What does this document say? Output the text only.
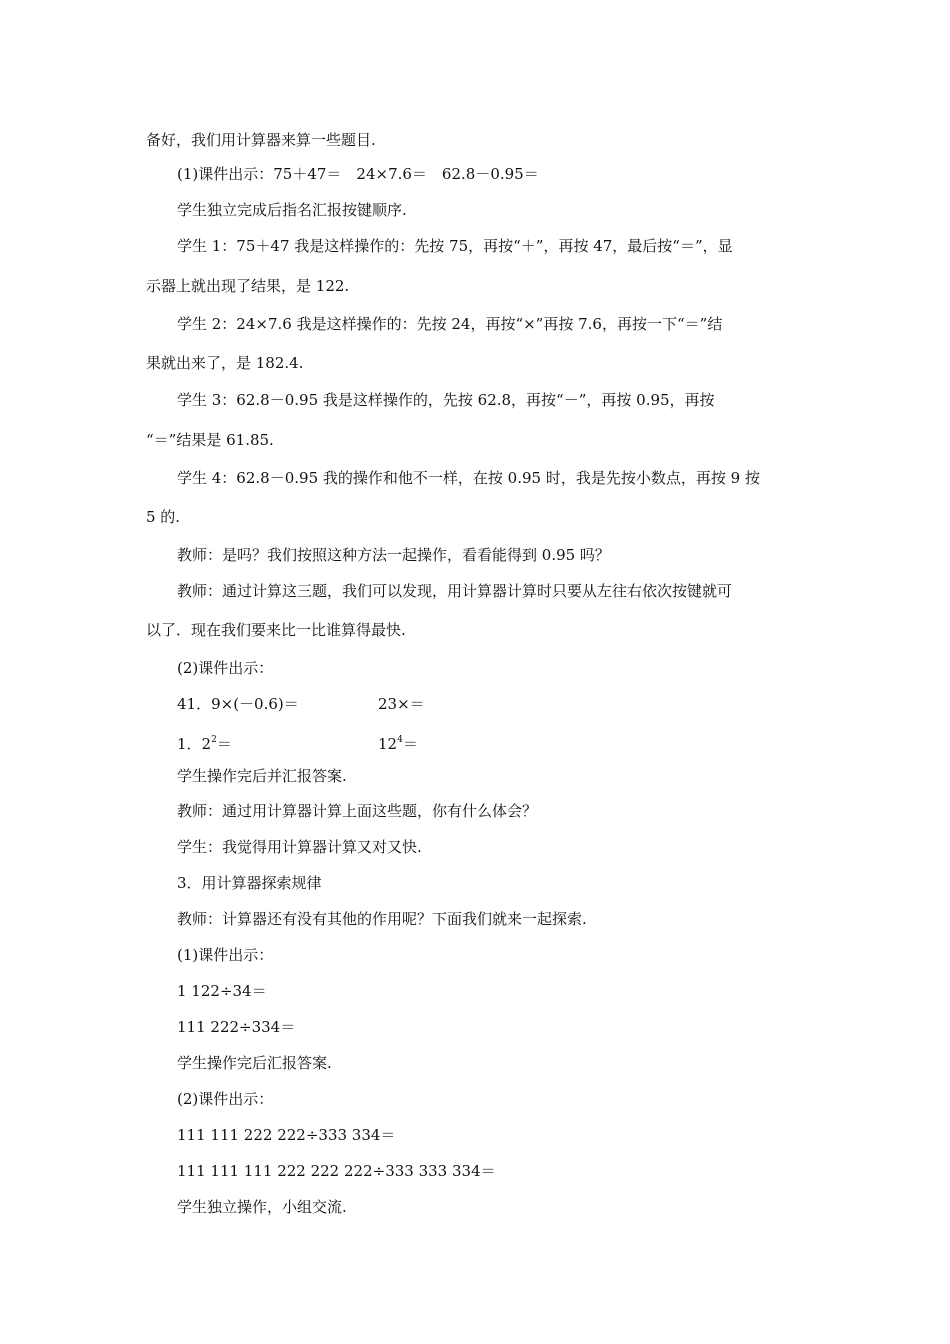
备好，我们用计算器来算一些题目.
(1)课件出示：75＋47＝　24×7.6＝　62.8－0.95＝
学生独立完成后指名汇报按键顺序.
学生 1：75＋47 我是这样操作的：先按 75，再按“＋”，再按 47，最后按“＝”，显
示器上就出现了结果，是 122.
学生 2：24×7.6 我是这样操作的：先按 24，再按“×”再按 7.6，再按一下“＝”结
果就出来了，是 182.4.
学生 3：62.8－0.95 我是这样操作的，先按 62.8，再按“－”，再按 0.95，再按
“＝”结果是 61.85.
学生 4：62.8－0.95 我的操作和他不一样，在按 0.95 时，我是先按小数点，再按 9 按
5 的.
教师：是吗？我们按照这种方法一起操作，看看能得到 0.95 吗？
教师：通过计算这三题，我们可以发现，用计算器计算时只要从左往右依次按键就可
以了．现在我们要来比一比谁算得最快.
(2)课件出示：
41．9×(－0.6)＝	23×＝
1．$2^2=$	$12^4=$
学生操作完后并汇报答案.
教师：通过用计算器计算上面这些题，你有什么体会？
学生：我觉得用计算器计算又对又快.
3．用计算器探索规律
教师：计算器还有没有其他的作用呢？下面我们就来一起探索.
(1)课件出示：
1 122÷34＝
111 222÷334＝
学生操作完后汇报答案.
(2)课件出示：
111 111 222 222÷333 334＝
111 111 111 222 222 222÷333 333 334＝
学生独立操作，小组交流.
